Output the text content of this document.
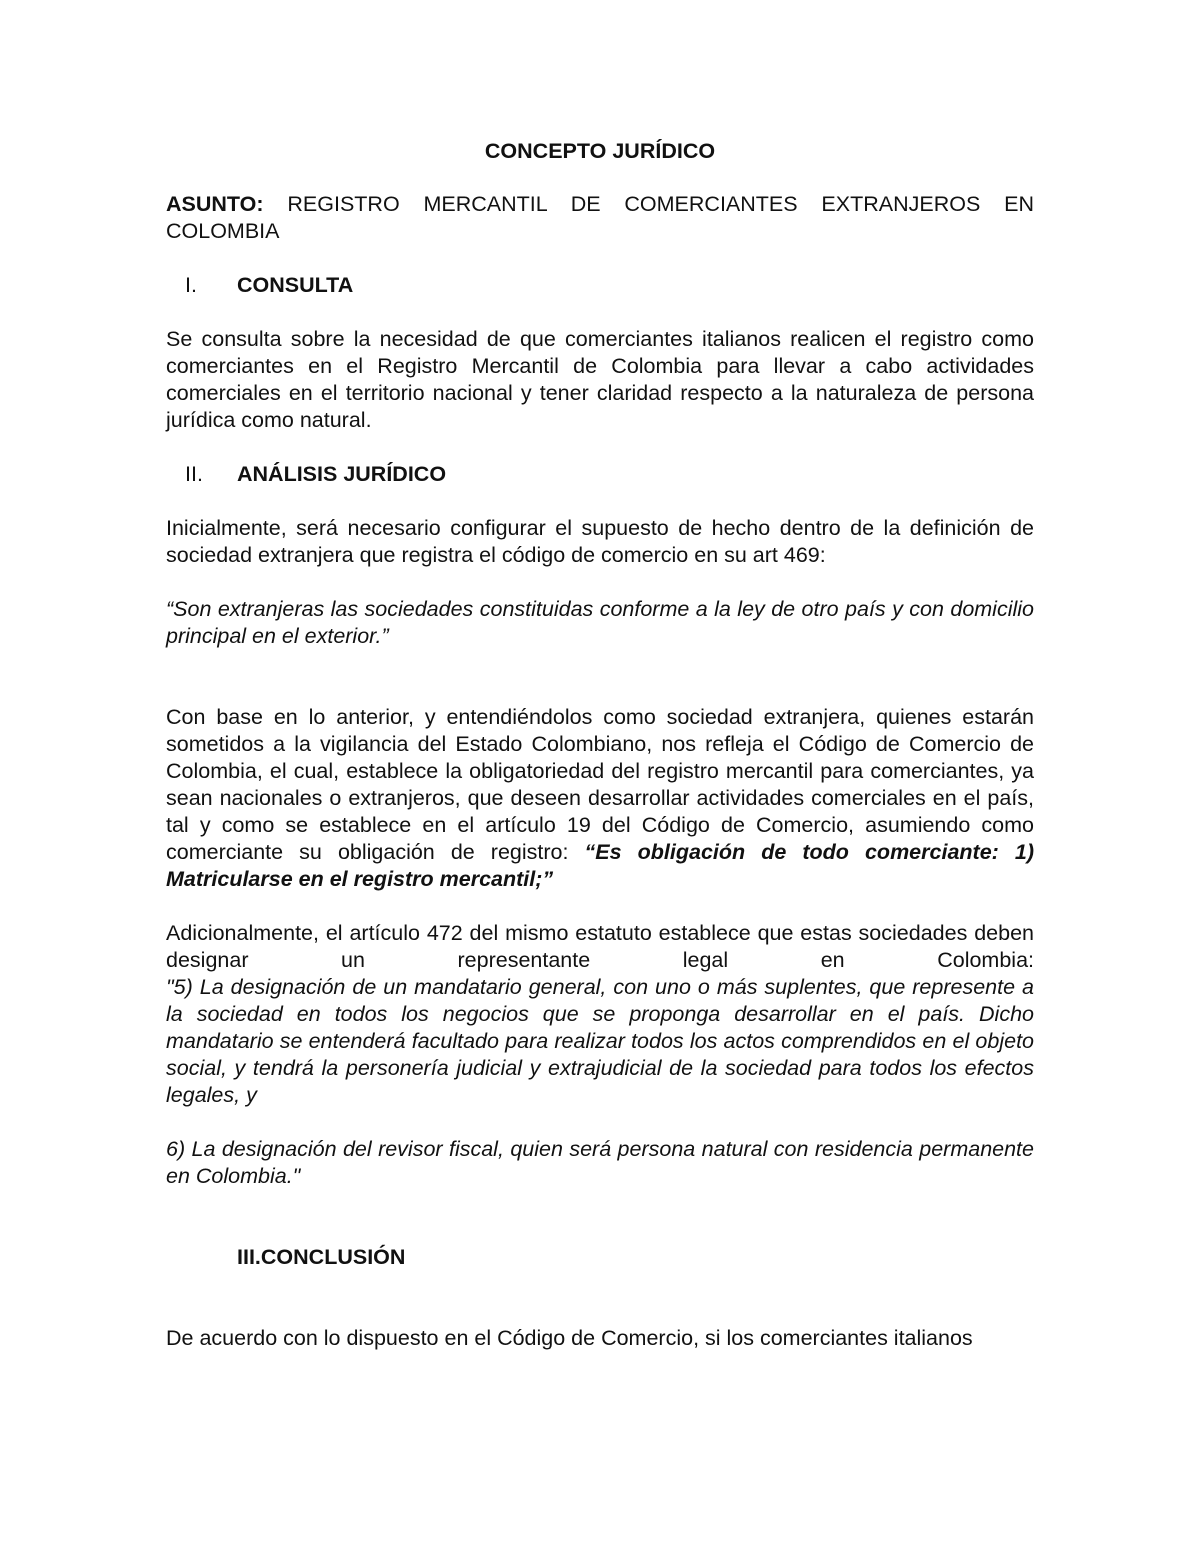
CONCEPTO JURÍDICO

ASUNTO: REGISTRO MERCANTIL DE COMERCIANTES EXTRANJEROS EN COLOMBIA

I.	CONSULTA

Se consulta sobre la necesidad de que comerciantes italianos realicen el registro como comerciantes en el Registro Mercantil de Colombia para llevar a cabo actividades comerciales en el territorio nacional y tener claridad respecto a la naturaleza de persona jurídica como natural.

II.	ANÁLISIS JURÍDICO

Inicialmente, será necesario configurar el supuesto de hecho dentro de la definición de sociedad extranjera que registra el código de comercio en su art 469:

“Son extranjeras las sociedades constituidas conforme a la ley de otro país y con domicilio principal en el exterior.”

Con base en lo anterior, y entendiéndolos como sociedad extranjera, quienes estarán sometidos a la vigilancia del Estado Colombiano, nos refleja el Código de Comercio de Colombia, el cual, establece la obligatoriedad del registro mercantil para comerciantes, ya sean nacionales o extranjeros, que deseen desarrollar actividades comerciales en el país, tal y como se establece en el artículo 19 del Código de Comercio, asumiendo como comerciante su obligación de registro: “Es obligación de todo comerciante: 1) Matricularse en el registro mercantil;”

Adicionalmente, el artículo 472 del mismo estatuto establece que estas sociedades deben designar un representante legal en Colombia:
"5) La designación de un mandatario general, con uno o más suplentes, que represente a la sociedad en todos los negocios que se proponga desarrollar en el país. Dicho mandatario se entenderá facultado para realizar todos los actos comprendidos en el objeto social, y tendrá la personería judicial y extrajudicial de la sociedad para todos los efectos legales, y

6) La designación del revisor fiscal, quien será persona natural con residencia permanente en Colombia."

III.CONCLUSIÓN

De acuerdo con lo dispuesto en el Código de Comercio, si los comerciantes italianos
